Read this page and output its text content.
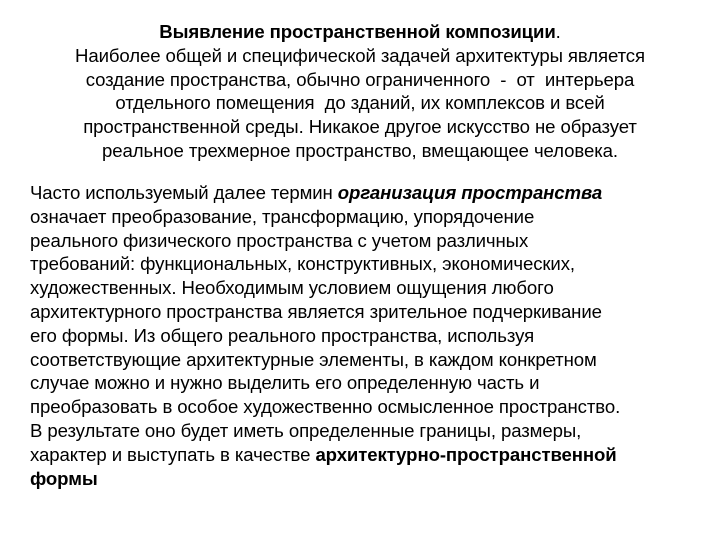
Выявление пространственной композиции.
Наиболее общей и специфической задачей архитектуры является
создание пространства, обычно ограниченного  -  от  интерьера
отдельного помещения  до зданий, их комплексов и всей
пространственной среды. Никакое другое искусство не образует
реальное трехмерное пространство, вмещающее человека.
Часто используемый далее термин организация пространства
означает преобразование, трансформацию, упорядочение
реального физического пространства с учетом различных
требований: функциональных, конструктивных, экономических,
художественных. Необходимым условием ощущения любого
архитектурного пространства является зрительное подчеркивание
его формы. Из общего реального пространства, используя
соответствующие архитектурные элементы, в каждом конкретном
случае можно и нужно выделить его определенную часть и
преобразовать в особое художественно осмысленное пространство.
В результате оно будет иметь определенные границы, размеры,
характер и выступать в качестве архитектурно-пространственной
формы
